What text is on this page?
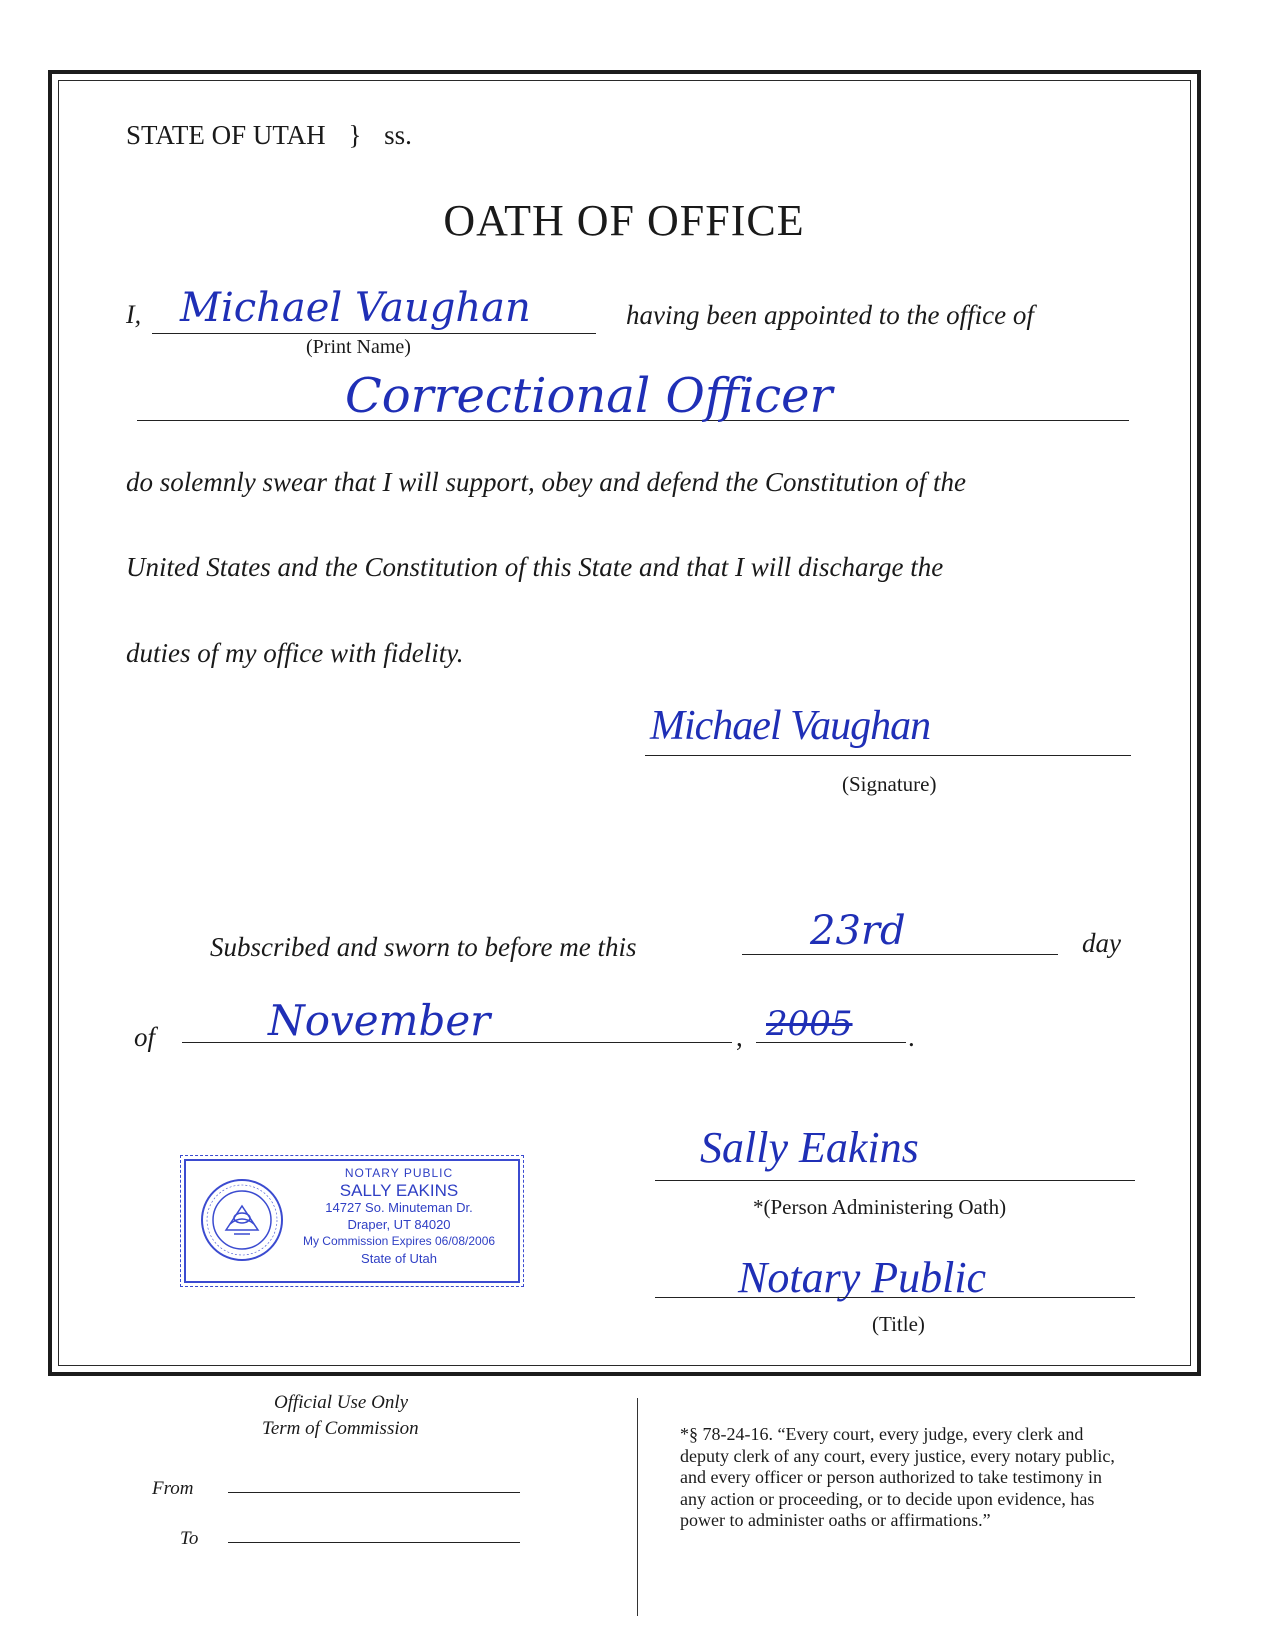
STATE OF UTAH } ss.
OATH OF OFFICE
I, Michael Vaughan
(Print Name)
having been appointed to the office of
Correctional Officer
do solemnly swear that I will support, obey and defend the Constitution of the
United States and the Constitution of this State and that I will discharge the
duties of my office with fidelity.
Michael Vaughan
(Signature)
Subscribed and sworn to before me this	23rd	day
of	November	, 2005 .
NOTARY PUBLIC
SALLY EAKINS
14727 So. Minuteman Dr.
Draper, UT 84020
My Commission Expires 06/08/2006
State of Utah
Sally Eakins
*(Person Administering Oath)
Notary Public
(Title)
Official Use Only
Term of Commission
From
To
*§ 78-24-16. “Every court, every judge, every clerk and
deputy clerk of any court, every justice, every notary public,
and every officer or person authorized to take testimony in
any action or proceeding, or to decide upon evidence, has
power to administer oaths or affirmations.”
